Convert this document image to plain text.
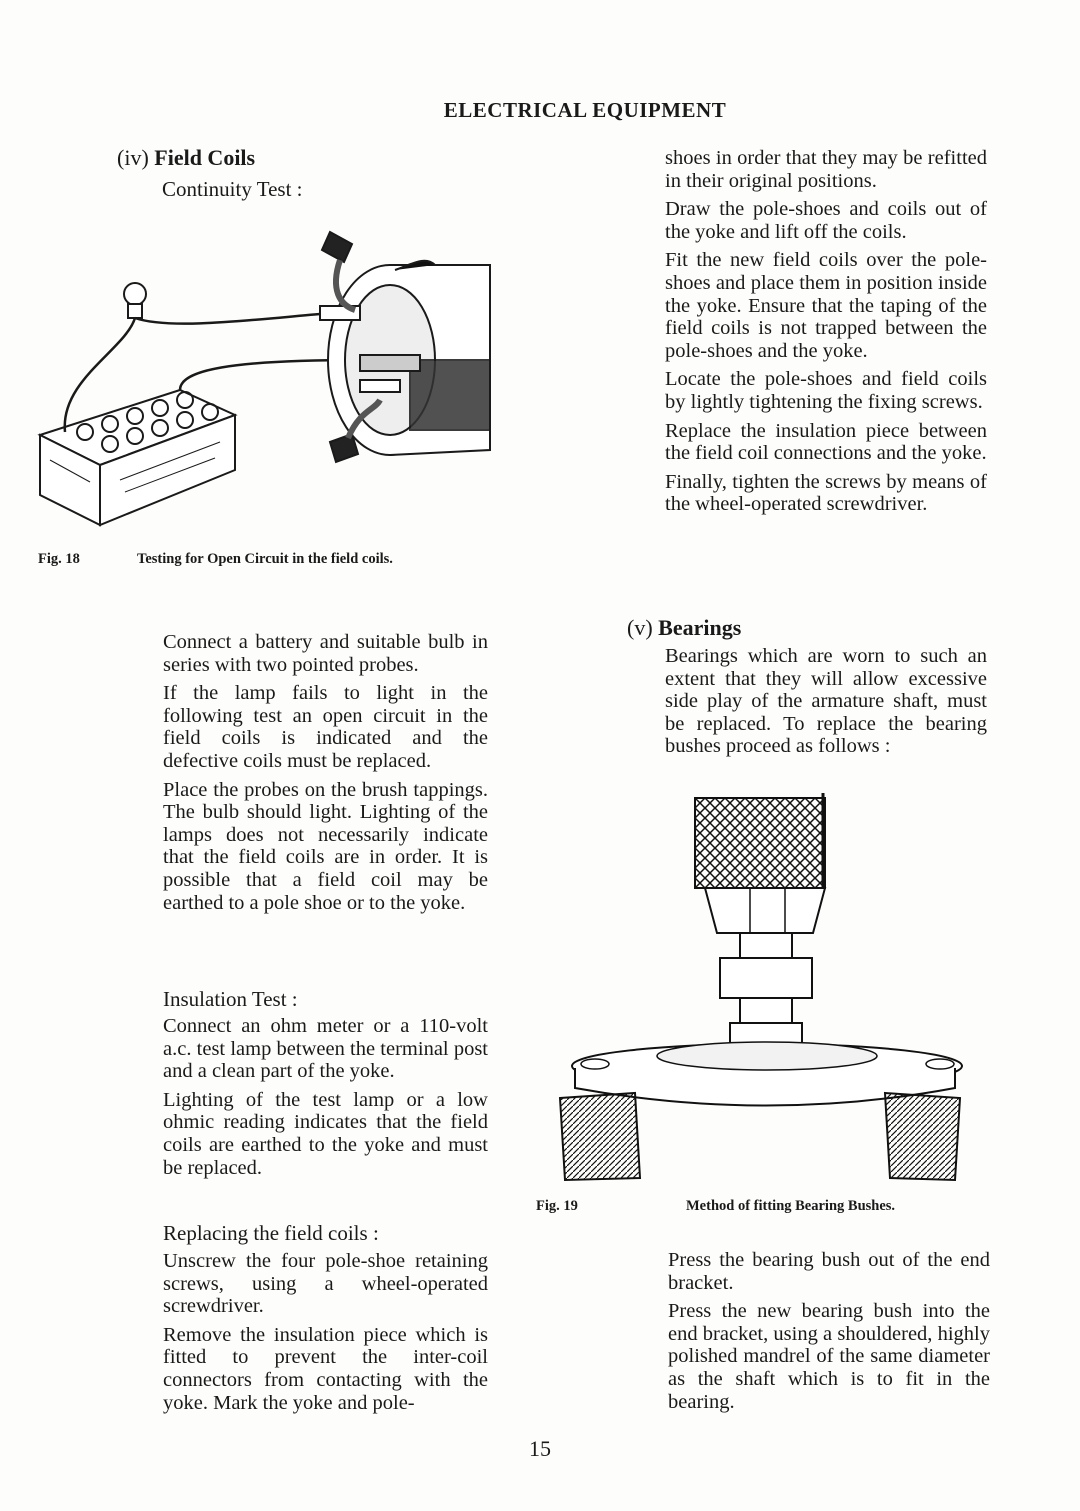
ELECTRICAL EQUIPMENT
(iv) Field Coils
Continuity Test :
Fig. 18	Testing for Open Circuit in the field coils.

Connect a battery and suitable bulb in series with two pointed probes.

If the lamp fails to light in the following test an open circuit in the field coils is indicated and the defective coils must be replaced.

Place the probes on the brush tappings. The bulb should light. Lighting of the lamps does not necessarily indicate that the field coils are in order. It is possible that a field coil may be earthed to a pole shoe or to the yoke.

Insulation Test :

Connect an ohm meter or a 110-volt a.c. test lamp between the terminal post and a clean part of the yoke.

Lighting of the test lamp or a low ohmic reading indicates that the field coils are earthed to the yoke and must be replaced.

Replacing the field coils :

Unscrew the four pole-shoe retaining screws, using a wheel-operated screwdriver.

Remove the insulation piece which is fitted to prevent the inter-coil connectors from contacting with the yoke. Mark the yoke and pole-

shoes in order that they may be refitted in their original positions.

Draw the pole-shoes and coils out of the yoke and lift off the coils.

Fit the new field coils over the pole-shoes and place them in position inside the yoke. Ensure that the taping of the field coils is not trapped between the pole-shoes and the yoke.

Locate the pole-shoes and field coils by lightly tightening the fixing screws.

Replace the insulation piece between the field coil connections and the yoke.

Finally, tighten the screws by means of the wheel-operated screwdriver.

(v) Bearings

Bearings which are worn to such an extent that they will allow excessive side play of the armature shaft, must be replaced. To replace the bearing bushes proceed as follows :

Fig. 19	Method of fitting Bearing Bushes.

Press the bearing bush out of the end bracket.

Press the new bearing bush into the end bracket, using a shouldered, highly polished mandrel of the same diameter as the shaft which is to fit in the bearing.

15
